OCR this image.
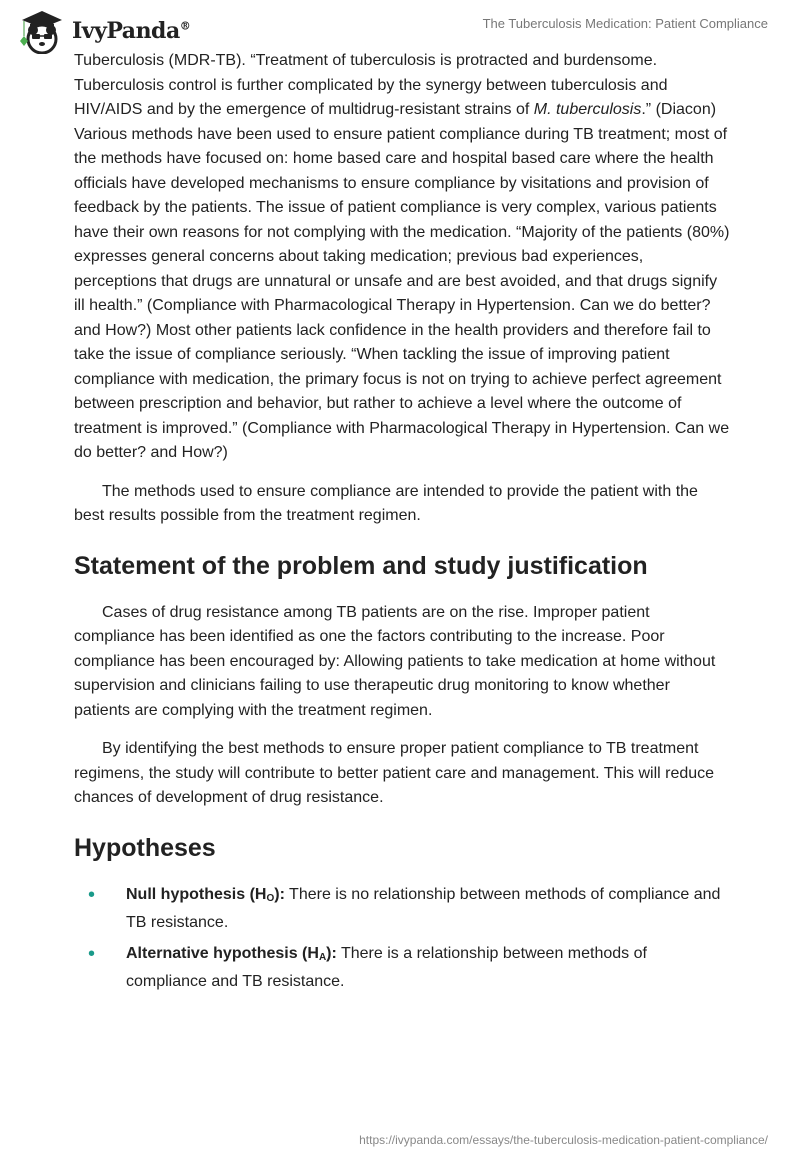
IvyPanda®	The Tuberculosis Medication: Patient Compliance

Tuberculosis (MDR-TB). “Treatment of tuberculosis is protracted and burdensome. Tuberculosis control is further complicated by the synergy between tuberculosis and HIV/AIDS and by the emergence of multidrug-resistant strains of M. tuberculosis.” (Diacon) Various methods have been used to ensure patient compliance during TB treatment; most of the methods have focused on: home based care and hospital based care where the health officials have developed mechanisms to ensure compliance by visitations and provision of feedback by the patients. The issue of patient compliance is very complex, various patients have their own reasons for not complying with the medication. “Majority of the patients (80%) expresses general concerns about taking medication; previous bad experiences, perceptions that drugs are unnatural or unsafe and are best avoided, and that drugs signify ill health.” (Compliance with Pharmacological Therapy in Hypertension. Can we do better? and How?) Most other patients lack confidence in the health providers and therefore fail to take the issue of compliance seriously. “When tackling the issue of improving patient compliance with medication, the primary focus is not on trying to achieve perfect agreement between prescription and behavior, but rather to achieve a level where the outcome of treatment is improved.” (Compliance with Pharmacological Therapy in Hypertension. Can we do better? and How?)

The methods used to ensure compliance are intended to provide the patient with the best results possible from the treatment regimen.

Statement of the problem and study justification

Cases of drug resistance among TB patients are on the rise. Improper patient compliance has been identified as one the factors contributing to the increase. Poor compliance has been encouraged by: Allowing patients to take medication at home without supervision and clinicians failing to use therapeutic drug monitoring to know whether patients are complying with the treatment regimen.

By identifying the best methods to ensure proper patient compliance to TB treatment regimens, the study will contribute to better patient care and management. This will reduce chances of development of drug resistance.

Hypotheses
• Null hypothesis $(H_O)$: There is no relationship between methods of compliance and TB resistance.
• Alternative hypothesis $(H_A)$: There is a relationship between methods of compliance and TB resistance.
https://ivypanda.com/essays/the-tuberculosis-medication-patient-compliance/
